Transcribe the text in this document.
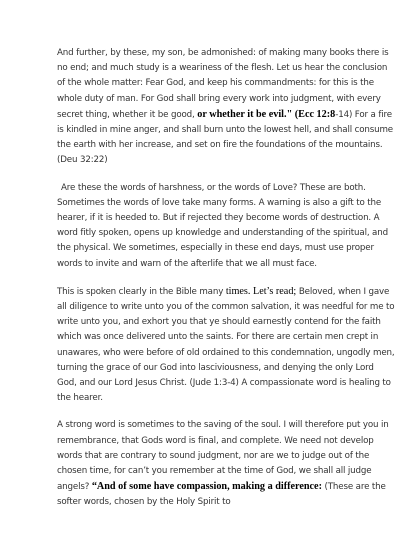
And further, by these, my son, be admonished: of making many books there is no end; and much study is a weariness of the flesh. Let us hear the conclusion of the whole matter: Fear God, and keep his commandments: for this is the whole duty of man. For God shall bring every work into judgment, with every secret thing, whether it be good, or whether it be evil." (Ecc 12:8-14) For a fire is kindled in mine anger, and shall burn unto the lowest hell, and shall consume the earth with her increase, and set on fire the foundations of the mountains. (Deu 32:22)

Are these the words of harshness, or the words of Love? These are both. Sometimes the words of love take many forms. A warning is also a gift to the hearer, if it is heeded to. But if rejected they become words of destruction. A word fitly spoken, opens up knowledge and understanding of the spiritual, and the physical. We sometimes, especially in these end days, must use proper words to invite and warn of the afterlife that we all must face.

This is spoken clearly in the Bible many times. Let’s read; Beloved, when I gave all diligence to write unto you of the common salvation, it was needful for me to write unto you, and exhort you that ye should earnestly contend for the faith which was once delivered unto the saints. For there are certain men crept in unawares, who were before of old ordained to this condemnation, ungodly men, turning the grace of our God into lasciviousness, and denying the only Lord God, and our Lord Jesus Christ. (Jude 1:3-4) A compassionate word is healing to the hearer.

A strong word is sometimes to the saving of the soul. I will therefore put you in remembrance, that Gods word is final, and complete. We need not develop words that are contrary to sound judgment, nor are we to judge out of the chosen time, for can’t you remember at the time of God, we shall all judge angels? “And of some have compassion, making a difference: (These are the softer words, chosen by the Holy Spirit to
